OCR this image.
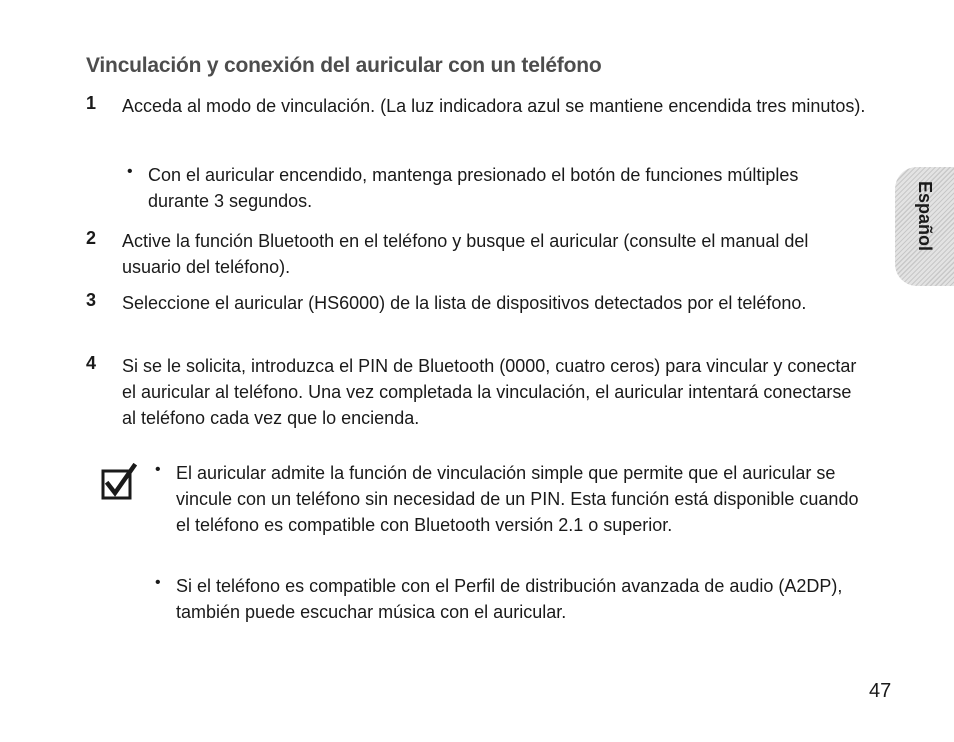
Vinculación y conexión del auricular con un teléfono
1 Acceda al modo de vinculación. (La luz indicadora azul se mantiene encendida tres minutos).
• Con el auricular encendido, mantenga presionado el botón de funciones múltiples durante 3 segundos.
2 Active la función Bluetooth en el teléfono y busque el auricular (consulte el manual del usuario del teléfono).
3 Seleccione el auricular (HS6000) de la lista de dispositivos detectados por el teléfono.
4 Si se le solicita, introduzca el PIN de Bluetooth (0000, cuatro ceros) para vincular y conectar el auricular al teléfono. Una vez completada la vinculación, el auricular intentará conectarse al teléfono cada vez que lo encienda.
• El auricular admite la función de vinculación simple que permite que el auricular se vincule con un teléfono sin necesidad de un PIN. Esta función está disponible cuando el teléfono es compatible con Bluetooth versión 2.1 o superior.
• Si el teléfono es compatible con el Perfil de distribución avanzada de audio (A2DP), también puede escuchar música con el auricular.
Español
47
